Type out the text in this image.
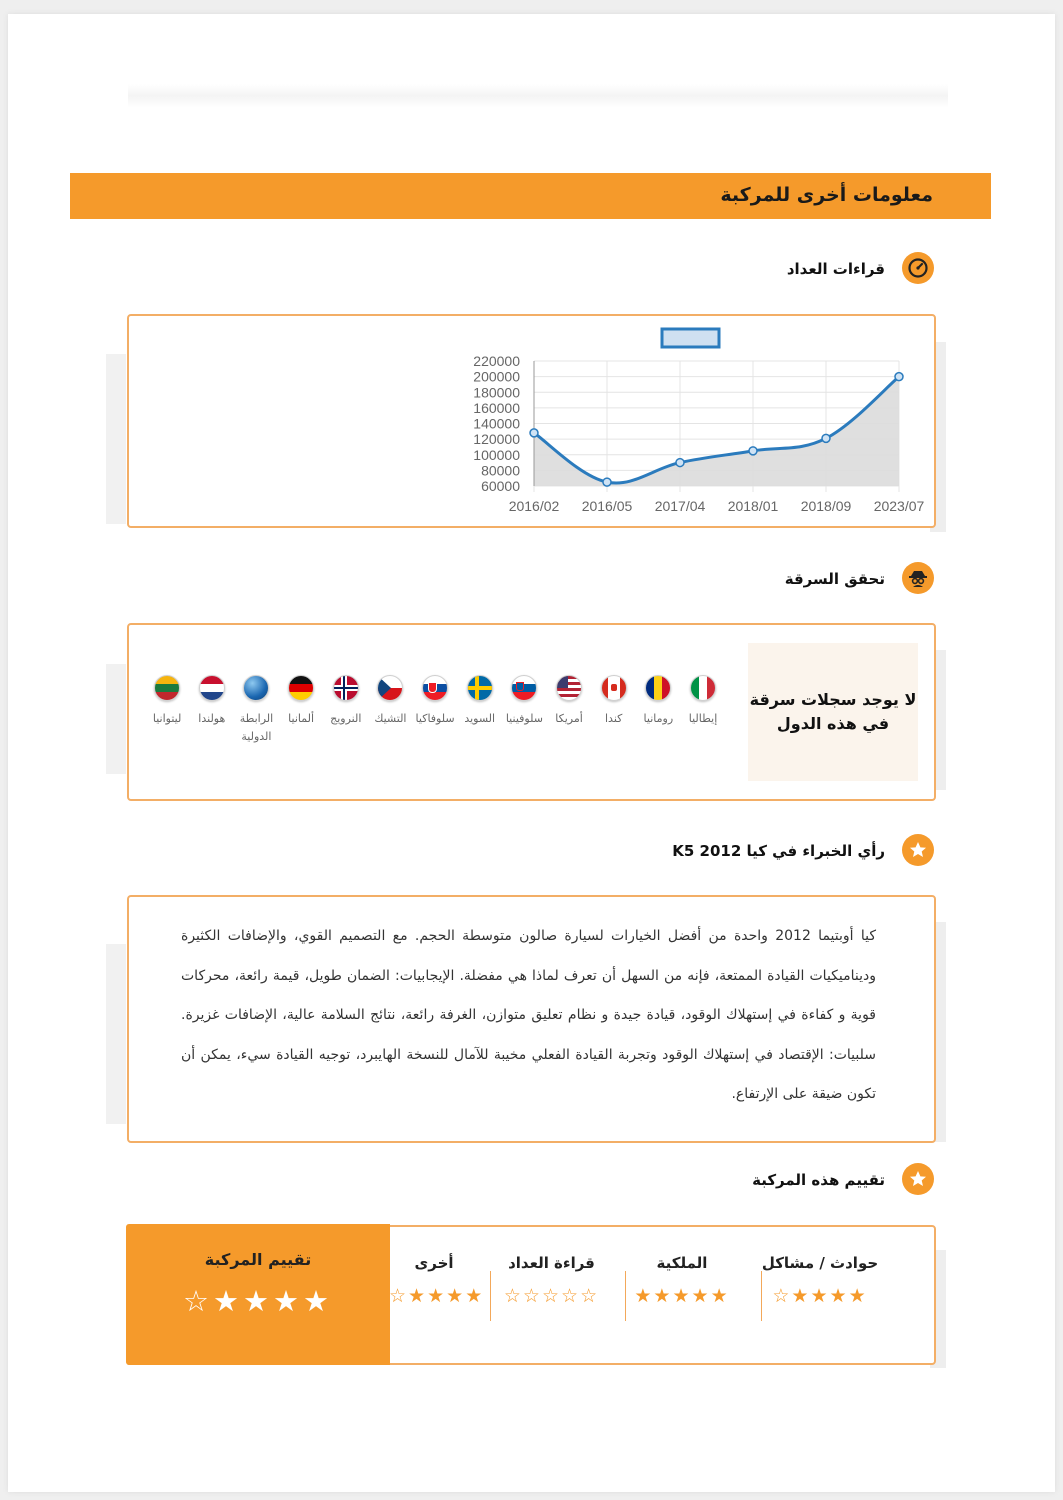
معلومات أخرى للمركبة
قراءات العداد
60000
80000
100000
120000
140000
160000
180000
200000
220000
2016/02 2016/05 2017/04 2018/01 2018/09 2023/07
تحقق السرقة
لا يوجد سجلات سرقة
في هذه الدول
ليتوانيا هولندا الرابطة
الدولية
ألمانيا النرويج التشيك سلوفاكيا السويد سلوفينيا أمريكا كندا رومانيا إيطاليا
رأي الخبراء في كيا K5 2012
كيا أوبتيما 2012 واحدة من أفضل الخيارات لسيارة صالون متوسطة الحجم. مع التصميم القوي، والإضافات الكثيرة وديناميكيات القيادة الممتعة، فإنه من السهل أن تعرف لماذا هي مفضلة. الإيجابيات: الضمان طويل، قيمة رائعة، محركات قوية و كفاءة في إستهلاك الوقود، قيادة جيدة و نظام تعليق متوازن، الغرفة رائعة، نتائج السلامة عالية، الإضافات غزيرة. سلبيات: الإقتصاد في إستهلاك الوقود وتجربة القيادة الفعلي مخيبة للآمال للنسخة الهايبرد، توجيه القيادة سيء، يمكن أن تكون ضيقة على الإرتفاع.
تقييم هذه المركبة
تقييم المركبة
☆★★★★
حوادث / مشاكل
☆★★★★
الملكية
★★★★★
قراءة العداد
☆☆☆☆☆
أخرى
☆★★★★
